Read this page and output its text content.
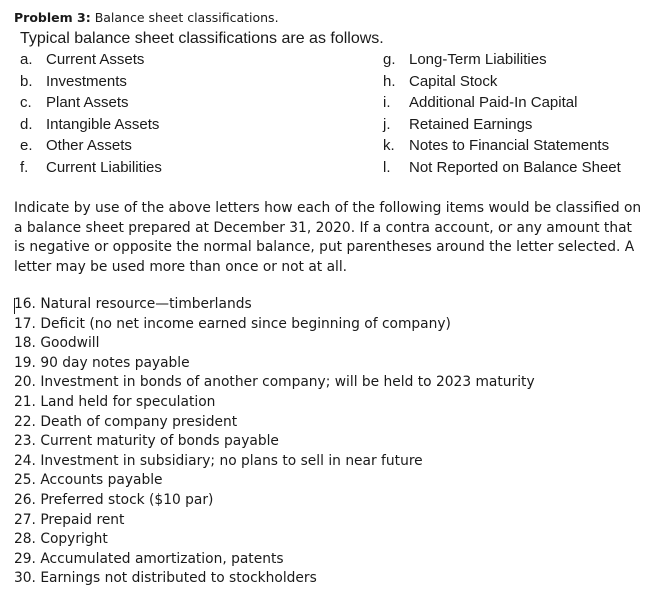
Problem 3: Balance sheet classifications.
Typical balance sheet classifications are as follows.
a. Current Assets
b. Investments
c. Plant Assets
d. Intangible Assets
e. Other Assets
f. Current Liabilities
g. Long-Term Liabilities
h. Capital Stock
i. Additional Paid-In Capital
j. Retained Earnings
k. Notes to Financial Statements
l. Not Reported on Balance Sheet
Indicate by use of the above letters how each of the following items would be classified on a balance sheet prepared at December 31, 2020. If a contra account, or any amount that is negative or opposite the normal balance, put parentheses around the letter selected. A letter may be used more than once or not at all.
16. Natural resource—timberlands
17. Deficit (no net income earned since beginning of company)
18. Goodwill
19. 90 day notes payable
20. Investment in bonds of another company; will be held to 2023 maturity
21. Land held for speculation
22. Death of company president
23. Current maturity of bonds payable
24. Investment in subsidiary; no plans to sell in near future
25. Accounts payable
26. Preferred stock ($10 par)
27. Prepaid rent
28. Copyright
29. Accumulated amortization, patents
30. Earnings not distributed to stockholders
